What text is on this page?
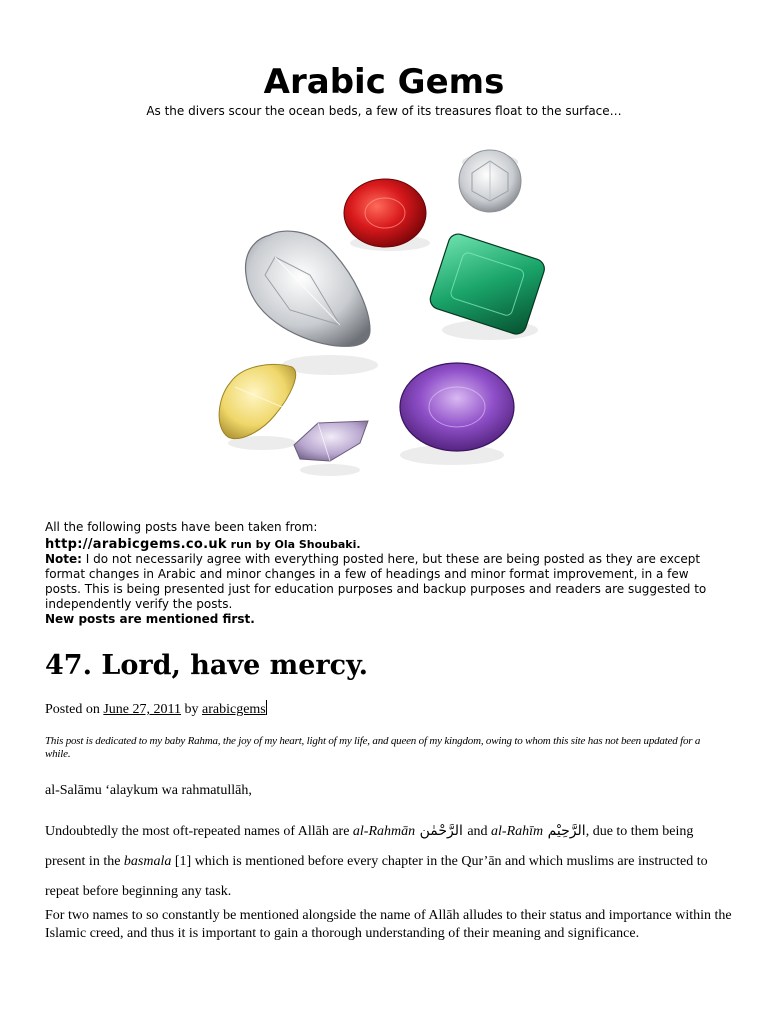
Arabic Gems
As the divers scour the ocean beds, a few of its treasures float to the surface…

All the following posts have been taken from:

http://arabicgems.co.uk run by Ola Shoubaki.

Note: I do not necessarily agree with everything posted here, but these are being posted as they are except format changes in Arabic and minor changes in a few of headings and minor format improvement, in a few posts. This is being presented just for education purposes and backup purposes and readers are suggested to independently verify the posts.

New posts are mentioned first.

47. Lord, have mercy.
Posted on June 27, 2011 by arabicgems

This post is dedicated to my baby Rahma, the joy of my heart, light of my life, and queen of my kingdom, owing to whom this site has not been updated for a while.

al-Salāmu ‘alaykum wa rahmatullāh,

Undoubtedly the most oft-repeated names of Allāh are al-Rahmān الرَّحْمٰن and al-Rahīm الرَّحِيْم, due to them being present in the basmala [1] which is mentioned before every chapter in the Qur’ān and which muslims are instructed to repeat before beginning any task.

For two names to so constantly be mentioned alongside the name of Allāh alludes to their status and importance within the Islamic creed, and thus it is important to gain a thorough understanding of their meaning and significance.
